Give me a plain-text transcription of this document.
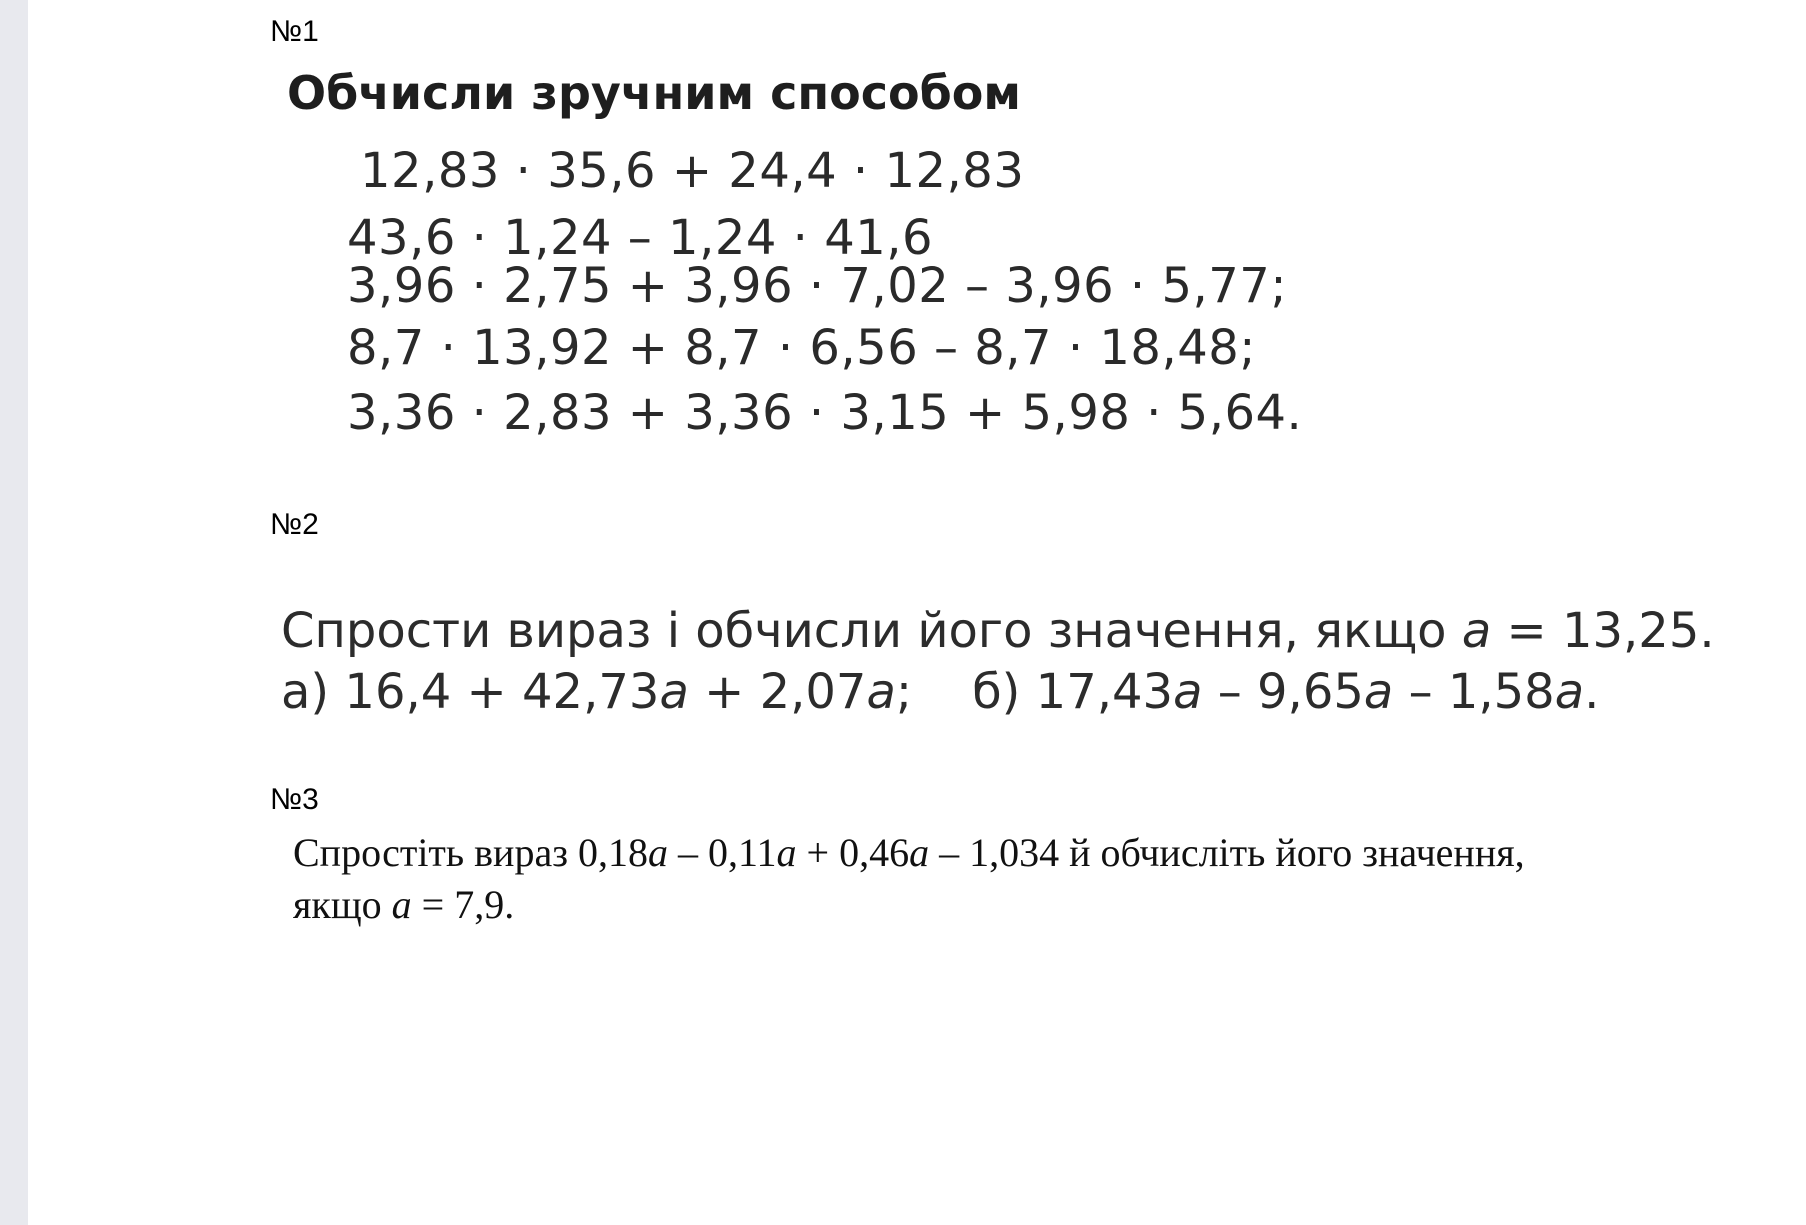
№1
Обчисли зручним способом
12,83 · 35,6 + 24,4 · 12,83
43,6 · 1,24 – 1,24 · 41,6
3,96 · 2,75 + 3,96 · 7,02 – 3,96 · 5,77;
8,7 · 13,92 + 8,7 · 6,56 – 8,7 · 18,48;
3,36 · 2,83 + 3,36 · 3,15 + 5,98 · 5,64.
№2
Спрости вираз і обчисли його значення, якщо a = 13,25.
а) 16,4 + 42,73a + 2,07a; б) 17,43a – 9,65a – 1,58a.
№3
Спростіть вираз 0,18a – 0,11a + 0,46a – 1,034 й обчисліть його значення,
якщо a = 7,9.
